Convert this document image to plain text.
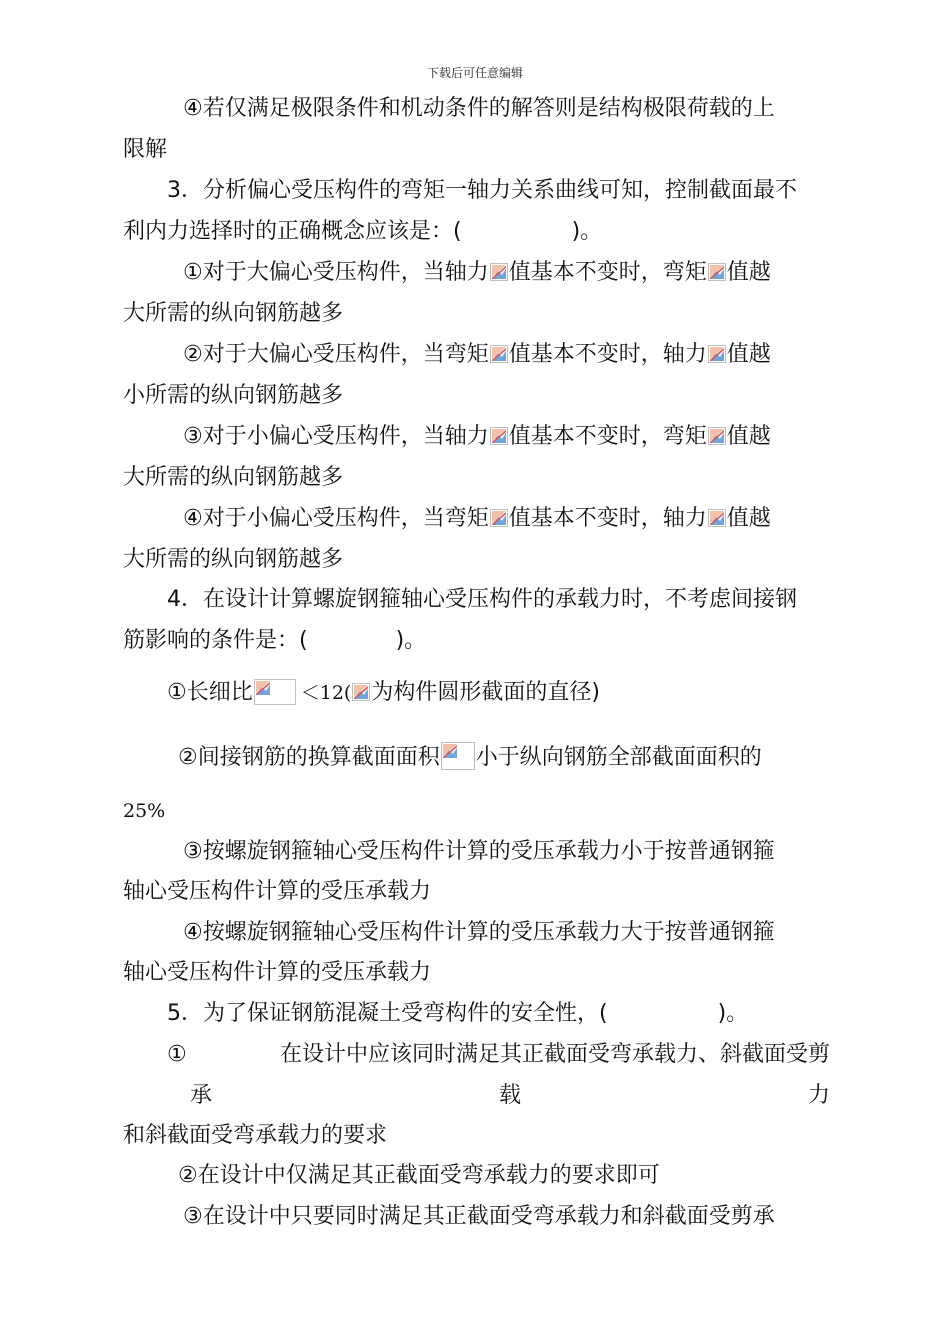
下载后可任意编辑
④若仅满足极限条件和机动条件的解答则是结构极限荷载的上
限解
3．分析偏心受压构件的弯矩一轴力关系曲线可知，控制截面最不
利内力选择时的正确概念应该是：(　　　　　)。
①对于大偏心受压构件，当轴力 值基本不变时，弯矩 值越
大所需的纵向钢筋越多
②对于大偏心受压构件，当弯矩 值基本不变时，轴力 值越
小所需的纵向钢筋越多
③对于小偏心受压构件，当轴力 值基本不变时，弯矩 值越
大所需的纵向钢筋越多
④对于小偏心受压构件，当弯矩 值基本不变时，轴力 值越
大所需的纵向钢筋越多
4．在设计计算螺旋钢箍轴心受压构件的承载力时，不考虑间接钢
筋影响的条件是：(　　　　)。
①长细比	＜12( 为构件圆形截面的直径)
②间接钢筋的换算截面面积 小于纵向钢筋全部截面面积的
25%
③按螺旋钢箍轴心受压构件计算的受压承载力小于按普通钢箍
轴心受压构件计算的受压承载力
④按螺旋钢箍轴心受压构件计算的受压承载力大于按普通钢箍
轴心受压构件计算的受压承载力
5．为了保证钢筋混凝土受弯构件的安全性，(　　　　　)。
①	在设计中应该同时满足其正截面受弯承载力、斜截面受剪
承	载	力
和斜截面受弯承载力的要求
②在设计中仅满足其正截面受弯承载力的要求即可
③在设计中只要同时满足其正截面受弯承载力和斜截面受剪承
